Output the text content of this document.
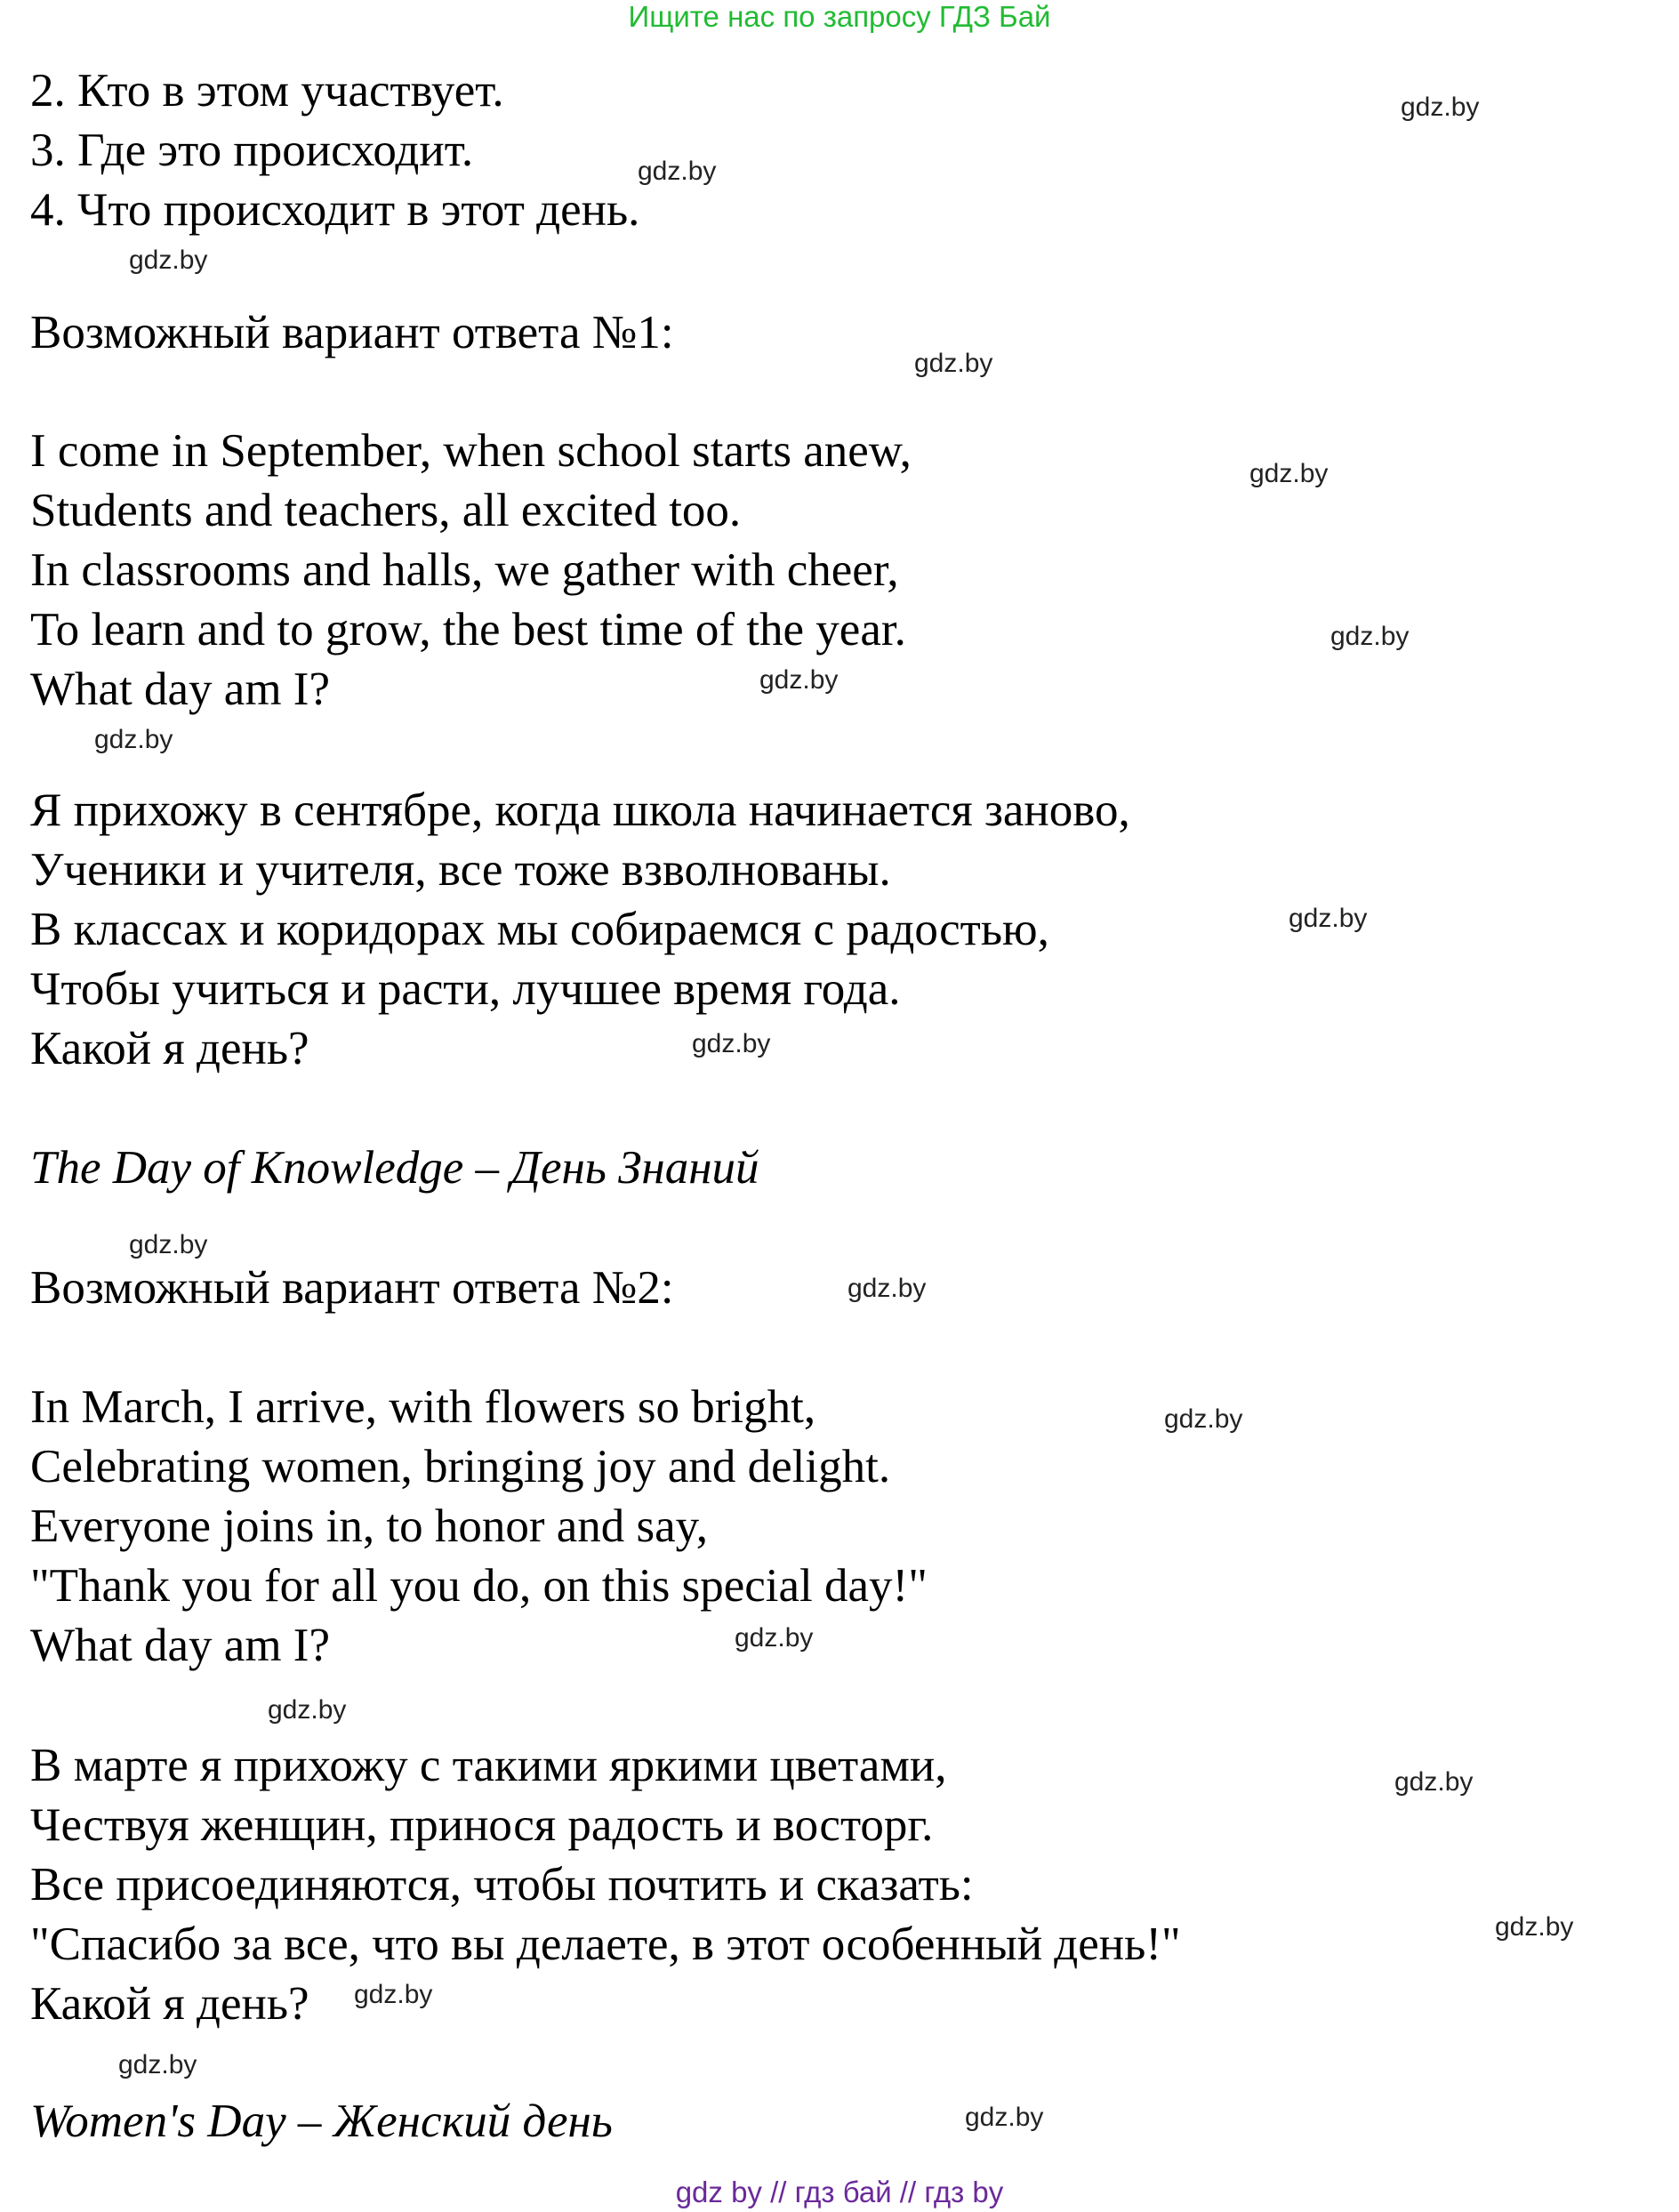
Ищите нас по запросу ГДЗ Бай
2. Кто в этом участвует.
3. Где это происходит.
4. Что происходит в этот день.
Возможный вариант ответа №1:
I come in September, when school starts anew,
Students and teachers, all excited too.
In classrooms and halls, we gather with cheer,
To learn and to grow, the best time of the year.
What day am I?
Я прихожу в сентябре, когда школа начинается заново,
Ученики и учителя, все тоже взволнованы.
В классах и коридорах мы собираемся с радостью,
Чтобы учиться и расти, лучшее время года.
Какой я день?
The Day of Knowledge – День Знаний
Возможный вариант ответа №2:
In March, I arrive, with flowers so bright,
Celebrating women, bringing joy and delight.
Everyone joins in, to honor and say,
"Thank you for all you do, on this special day!"
What day am I?
В марте я прихожу с такими яркими цветами,
Чествуя женщин, принося радость и восторг.
Все присоединяются, чтобы почтить и сказать:
"Спасибо за все, что вы делаете, в этот особенный день!"
Какой я день?
Women's Day – Женский день
gdz.by
gdz.by
gdz.by
gdz.by
gdz.by
gdz.by
gdz.by
gdz.by
gdz.by
gdz.by
gdz.by
gdz.by
gdz.by
gdz.by
gdz.by
gdz.by
gdz.by
gdz.by
gdz.by
gdz.by
gdz by // гдз бай // гдз by
